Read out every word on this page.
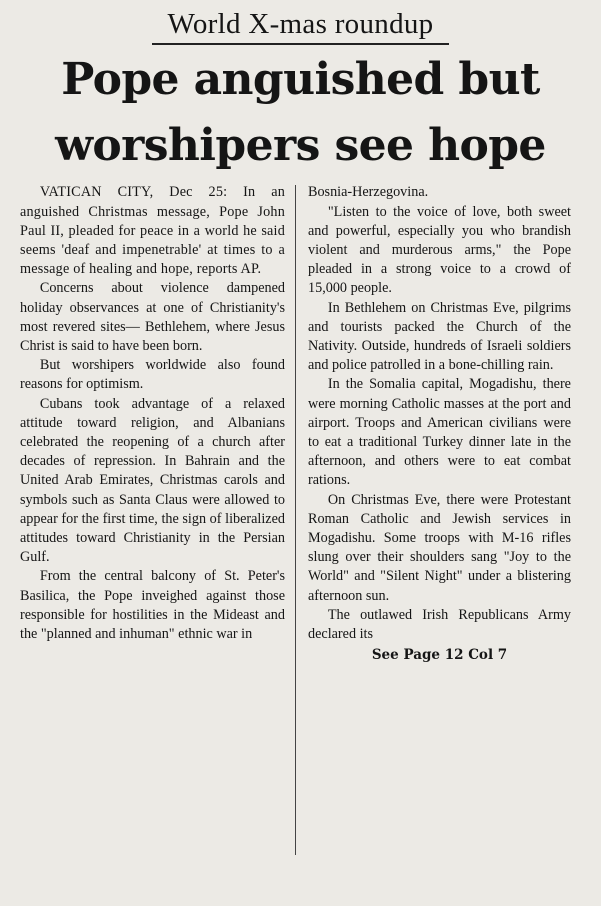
World X-mas roundup
Pope anguished but
worshipers see hope

VATICAN CITY, Dec 25: In an anguished Christmas message, Pope John Paul II, pleaded for peace in a world he said seems 'deaf and impenetrable' at times to a message of healing and hope, reports AP.

Concerns about violence dampened holiday observances at one of Christianity's most revered sites— Bethlehem, where Jesus Christ is said to have been born.

But worshipers worldwide also found reasons for optimism.

Cubans took advantage of a relaxed attitude toward religion, and Albanians celebrated the reopening of a church after decades of repression. In Bahrain and the United Arab Emirates, Christmas carols and symbols such as Santa Claus were allowed to appear for the first time, the sign of liberalized attitudes toward Christianity in the Persian Gulf.

From the central balcony of St. Peter's Basilica, the Pope inveighed against those responsible for hostilities in the Mideast and the "planned and inhuman" ethnic war in

Bosnia-Herzegovina.

"Listen to the voice of love, both sweet and powerful, especially you who brandish violent and murderous arms," the Pope pleaded in a strong voice to a crowd of 15,000 people.

In Bethlehem on Christmas Eve, pilgrims and tourists packed the Church of the Nativity. Outside, hundreds of Israeli soldiers and police patrolled in a bone-chilling rain.

In the Somalia capital, Mogadishu, there were morning Catholic masses at the port and airport. Troops and American civilians were to eat a traditional Turkey dinner late in the afternoon, and others were to eat combat rations.

On Christmas Eve, there were Protestant Roman Catholic and Jewish services in Mogadishu. Some troops with M-16 rifles slung over their shoulders sang "Joy to the World" and "Silent Night" under a blistering afternoon sun.

The outlawed Irish Republicans Army declared its

See Page 12 Col 7
